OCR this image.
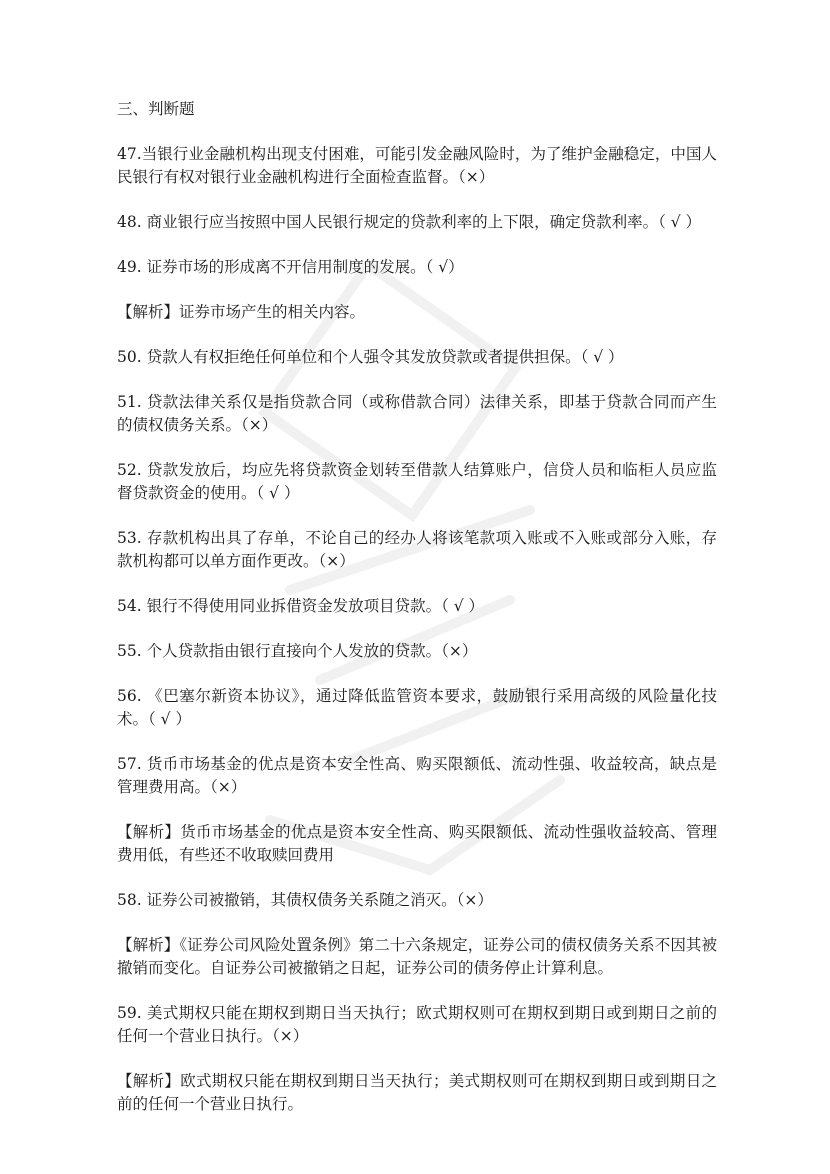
三、判断题

47.当银行业金融机构出现支付困难，可能引发金融风险时，为了维护金融稳定，中国人民银行有权对银行业金融机构进行全面检查监督。（×）

48. 商业银行应当按照中国人民银行规定的贷款利率的上下限，确定贷款利率。（ √ ）

49. 证券市场的形成离不开信用制度的发展。（ √）

【解析】证券市场产生的相关内容。

50. 贷款人有权拒绝任何单位和个人强令其发放贷款或者提供担保。（ √ ）

51. 贷款法律关系仅是指贷款合同（或称借款合同）法律关系，即基于贷款合同而产生的债权债务关系。（×）

52. 贷款发放后，均应先将贷款资金划转至借款人结算账户，信贷人员和临柜人员应监督贷款资金的使用。（ √ ）

53. 存款机构出具了存单，不论自己的经办人将该笔款项入账或不入账或部分入账，存款机构都可以单方面作更改。（×）

54. 银行不得使用同业拆借资金发放项目贷款。（ √ ）

55. 个人贷款指由银行直接向个人发放的贷款。（×）

56. 《巴塞尔新资本协议》，通过降低监管资本要求，鼓励银行采用高级的风险量化技术。（ √ ）

57. 货币市场基金的优点是资本安全性高、购买限额低、流动性强、收益较高，缺点是管理费用高。（×）

【解析】货币市场基金的优点是资本安全性高、购买限额低、流动性强收益较高、管理费用低，有些还不收取赎回费用

58. 证券公司被撤销，其债权债务关系随之消灭。（×）

【解析】《证券公司风险处置条例》第二十六条规定，证券公司的债权债务关系不因其被撤销而变化。自证券公司被撤销之日起，证券公司的债务停止计算利息。

59. 美式期权只能在期权到期日当天执行；欧式期权则可在期权到期日或到期日之前的任何一个营业日执行。（×）

【解析】欧式期权只能在期权到期日当天执行；美式期权则可在期权到期日或到期日之前的任何一个营业日执行。
